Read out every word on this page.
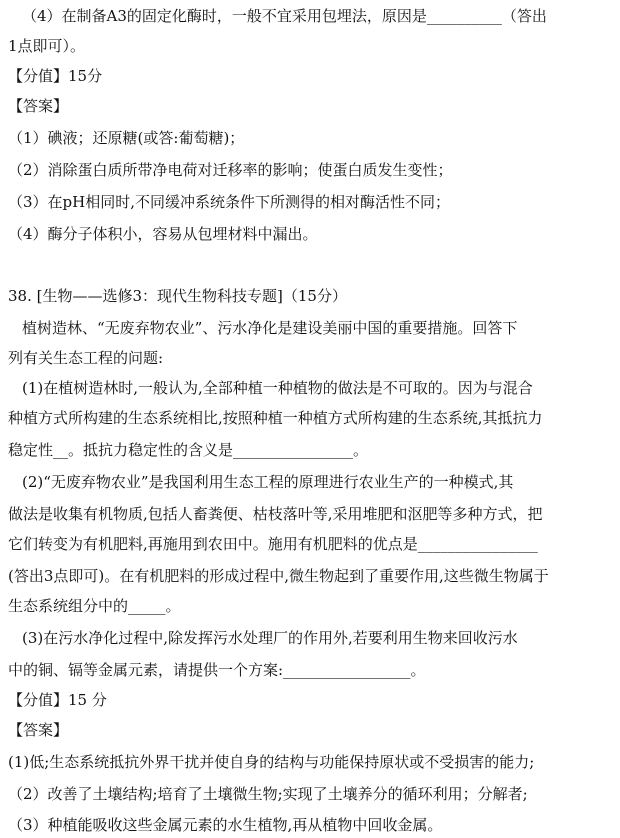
（4）在制备A3的固定化酶时，一般不宜采用包埋法，原因是__________（答出
1点即可）。
【分值】15分
【答案】
（1）碘液；还原糖(或答:葡萄糖)；
（2）消除蛋白质所带净电荷对迁移率的影响；使蛋白质发生变性；
（3）在pH相同时,不同缓冲系统条件下所测得的相对酶活性不同；
（4）酶分子体积小，容易从包埋材料中漏出。
38. [生物——选修3：现代生物科技专题]（15分）
植树造林、“无废弃物农业”、污水净化是建设美丽中国的重要措施。回答下
列有关生态工程的问题:
(1)在植树造林时,一般认为,全部种植一种植物的做法是不可取的。因为与混合
种植方式所构建的生态系统相比,按照种植一种植方式所构建的生态系统,其抵抗力
稳定性__。抵抗力稳定性的含义是________________。
(2)“无废弃物农业”是我国利用生态工程的原理进行农业生产的一种模式,其
做法是收集有机物质,包括人畜粪便、枯枝落叶等,采用堆肥和沤肥等多种方式，把
它们转变为有机肥料,再施用到农田中。施用有机肥料的优点是________________
(答出3点即可)。在有机肥料的形成过程中,微生物起到了重要作用,这些微生物属于
生态系统组分中的_____。
(3)在污水净化过程中,除发挥污水处理厂的作用外,若要利用生物来回收污水
中的铜、镉等金属元素，请提供一个方案:_________________。
【分值】15 分
【答案】
(1)低;生态系统抵抗外界干扰并使自身的结构与功能保持原状或不受损害的能力;
（2）改善了土壤结构;培育了土壤微生物;实现了土壤养分的循环利用；分解者;
（3）种植能吸收这些金属元素的水生植物,再从植物中回收金属。
